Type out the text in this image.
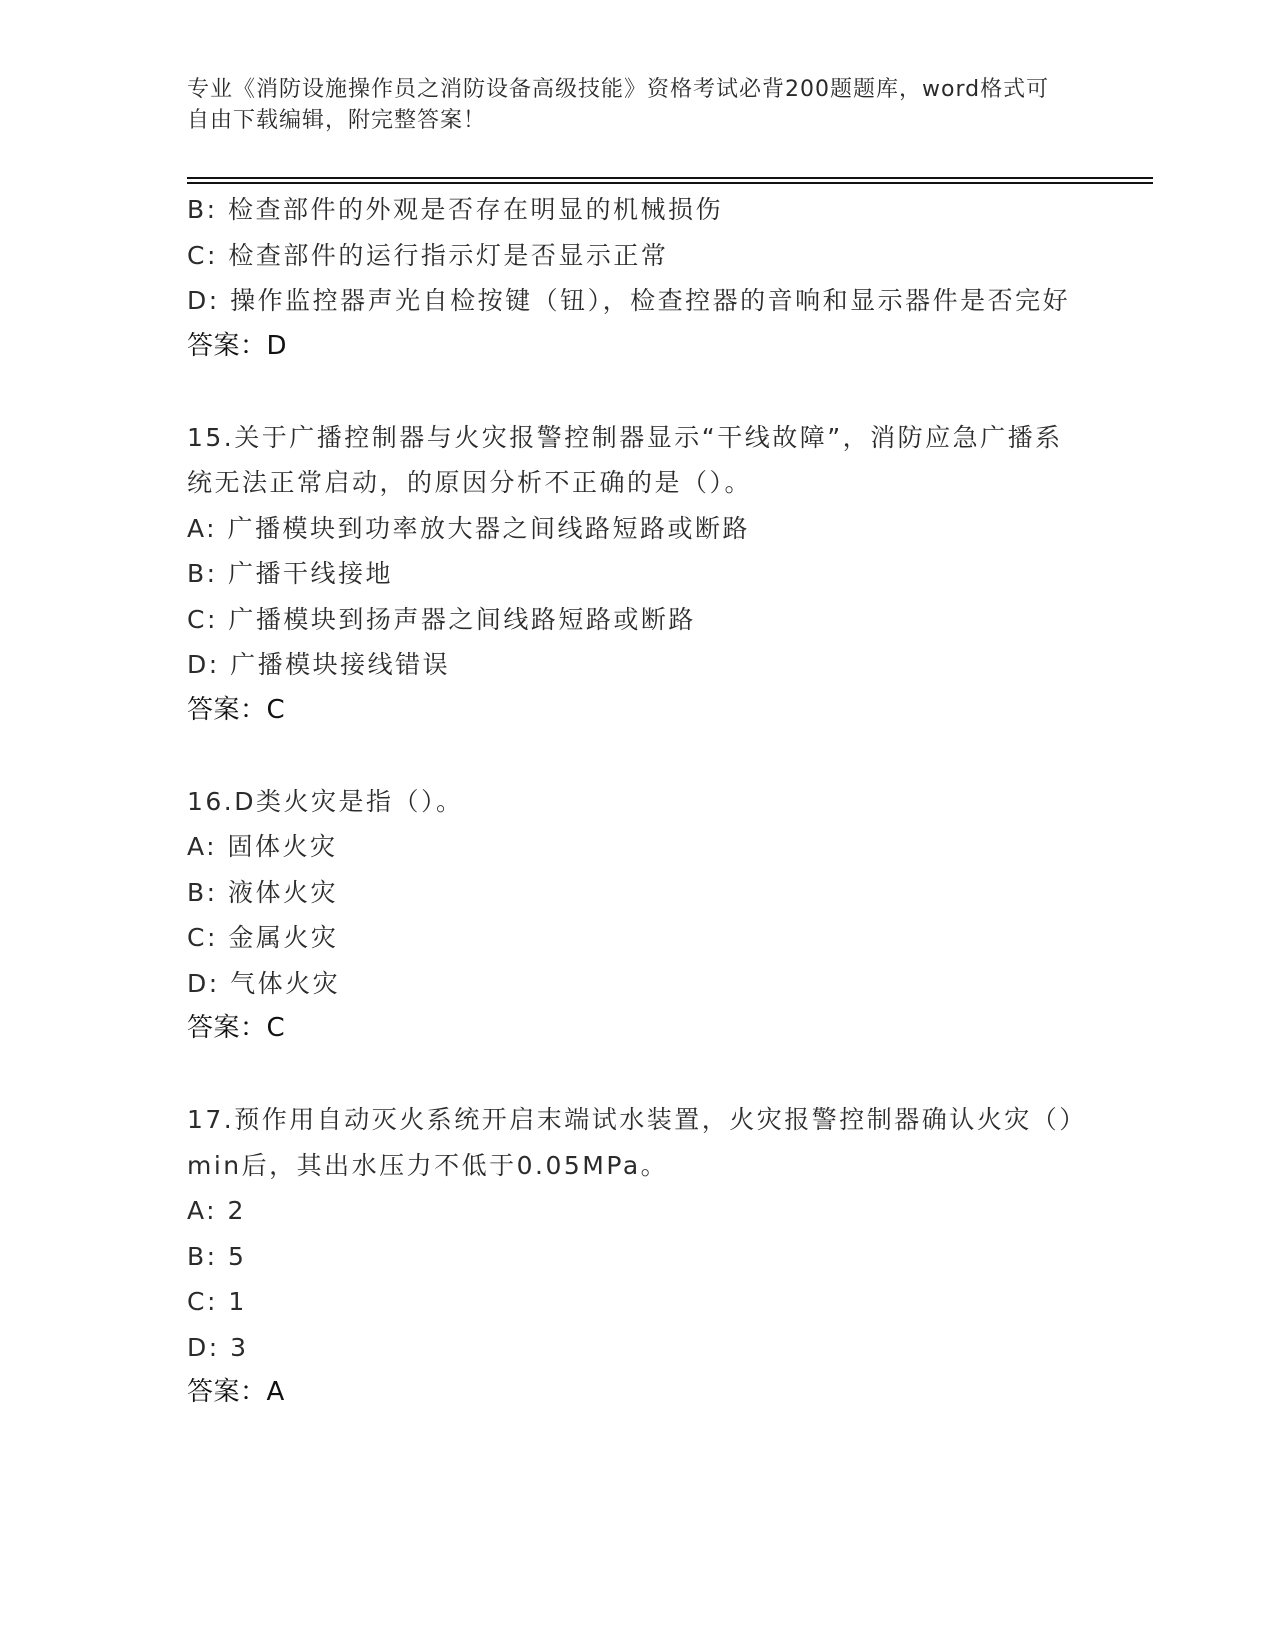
专业《消防设施操作员之消防设备高级技能》资格考试必背200题题库，word格式可自由下载编辑，附完整答案！
B: 检查部件的外观是否存在明显的机械损伤
C: 检查部件的运行指示灯是否显示正常
D: 操作监控器声光自检按键（钮），检查控器的音响和显示器件是否完好
答案：D
15.关于广播控制器与火灾报警控制器显示“干线故障”，消防应急广播系统无法正常启动，的原因分析不正确的是（）。
A: 广播模块到功率放大器之间线路短路或断路
B: 广播干线接地
C: 广播模块到扬声器之间线路短路或断路
D: 广播模块接线错误
答案：C
16.D类火灾是指（）。
A: 固体火灾
B: 液体火灾
C: 金属火灾
D: 气体火灾
答案：C
17.预作用自动灭火系统开启末端试水装置，火灾报警控制器确认火灾（）min后，其出水压力不低于0.05MPa。
A: 2
B: 5
C: 1
D: 3
答案：A
